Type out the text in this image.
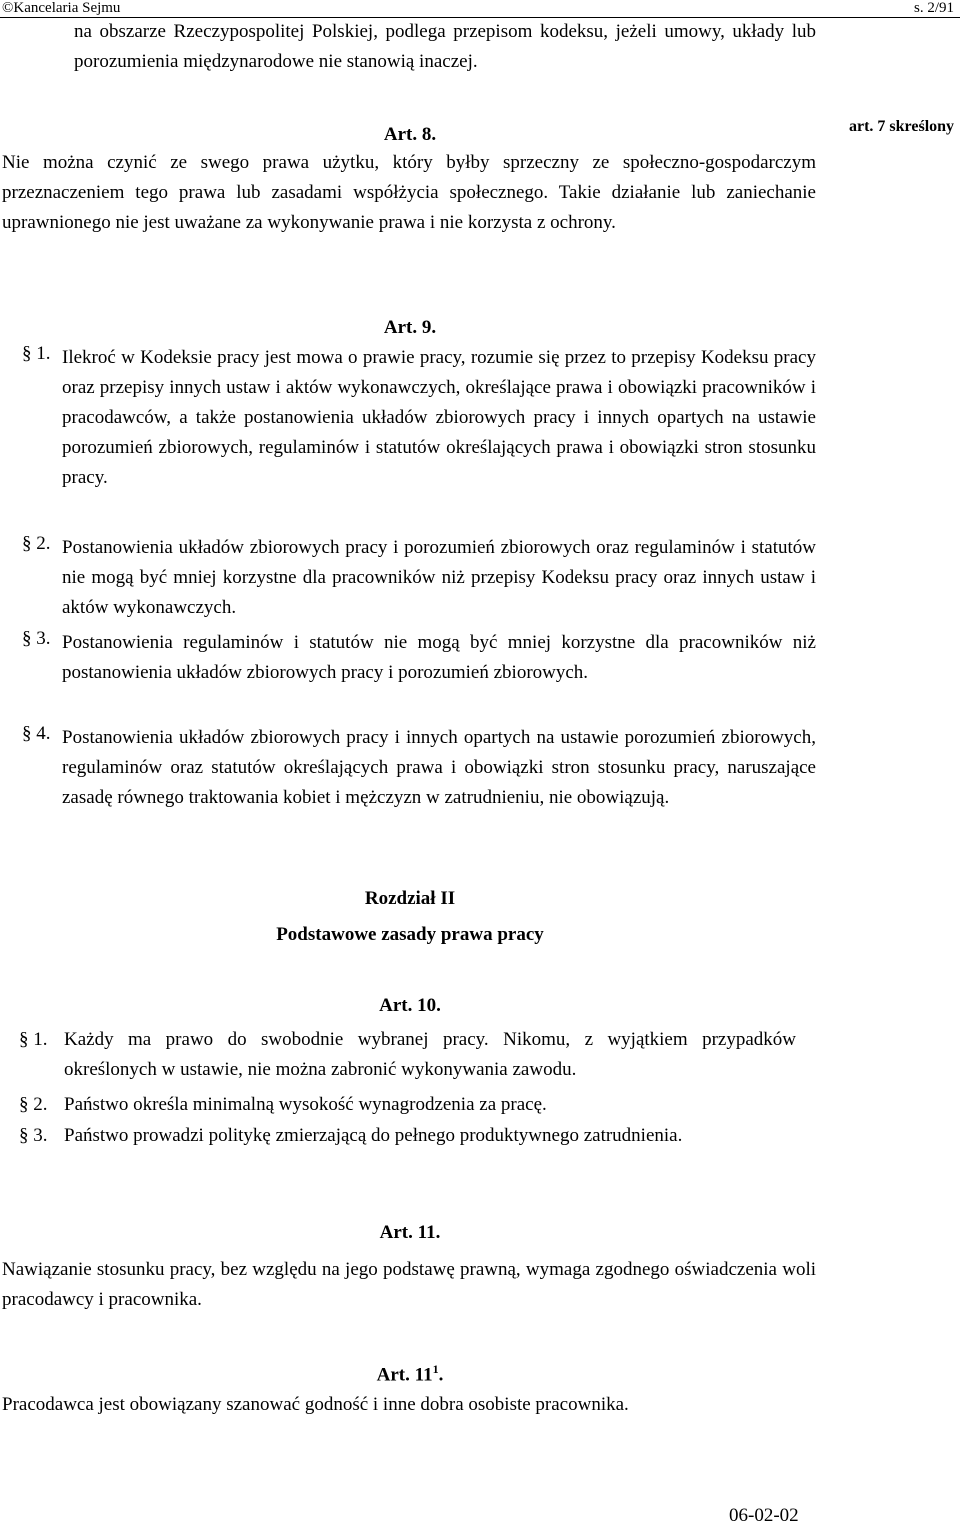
©Kancelaria Sejmu	s. 2/91
na obszarze Rzeczypospolitej Polskiej, podlega przepisom kodeksu, jeżeli umowy, układy lub porozumienia międzynarodowe nie stanowią inaczej.
Art. 8.	art. 7 skreślony
Nie można czynić ze swego prawa użytku, który byłby sprzeczny ze społeczno-gospodarczym przeznaczeniem tego prawa lub zasadami współżycia społecznego. Takie działanie lub zaniechanie uprawnionego nie jest uważane za wykonywanie prawa i nie korzysta z ochrony.
Art. 9.
§ 1. Ilekroć w Kodeksie pracy jest mowa o prawie pracy, rozumie się przez to przepisy Kodeksu pracy oraz przepisy innych ustaw i aktów wykonawczych, określające prawa i obowiązki pracowników i pracodawców, a także postanowienia układów zbiorowych pracy i innych opartych na ustawie porozumień zbiorowych, regulaminów i statutów określających prawa i obowiązki stron stosunku pracy.
§ 2. Postanowienia układów zbiorowych pracy i porozumień zbiorowych oraz regulaminów i statutów nie mogą być mniej korzystne dla pracowników niż przepisy Kodeksu pracy oraz innych ustaw i aktów wykonawczych.
§ 3. Postanowienia regulaminów i statutów nie mogą być mniej korzystne dla pracowników niż postanowienia układów zbiorowych pracy i porozumień zbiorowych.
§ 4. Postanowienia układów zbiorowych pracy i innych opartych na ustawie porozumień zbiorowych, regulaminów oraz statutów określających prawa i obowiązki stron stosunku pracy, naruszające zasadę równego traktowania kobiet i mężczyzn w zatrudnieniu, nie obowiązują.
Rozdział II
Podstawowe zasady prawa pracy
Art. 10.
§ 1. Każdy ma prawo do swobodnie wybranej pracy. Nikomu, z wyjątkiem przypadków określonych w ustawie, nie można zabronić wykonywania zawodu.
§ 2. Państwo określa minimalną wysokość wynagrodzenia za pracę.
§ 3. Państwo prowadzi politykę zmierzającą do pełnego produktywnego zatrudnienia.
Art. 11.
Nawiązanie stosunku pracy, bez względu na jego podstawę prawną, wymaga zgodnego oświadczenia woli pracodawcy i pracownika.
Art. $11^1$.
Pracodawca jest obowiązany szanować godność i inne dobra osobiste pracownika.
06-02-02
